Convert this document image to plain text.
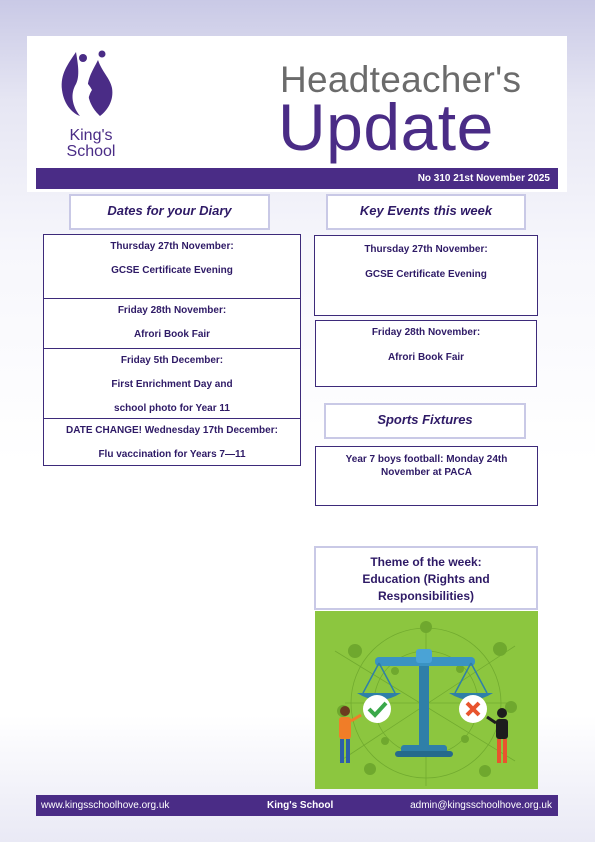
King's
School
Headteacher's
Update
No 310 21st November 2025
Dates for your Diary

Thursday 27th November:

GCSE Certificate Evening

Friday 28th November:

Afrori Book Fair

Friday 5th December:

First Enrichment Day and

school photo for Year 11

DATE CHANGE! Wednesday 17th December:

Flu vaccination for Years 7—11

Key Events this week

Thursday 27th November:

GCSE Certificate Evening

Friday 28th November:

Afrori Book Fair

Sports Fixtures

Year 7 boys football: Monday 24th

November at PACA

Theme of the week:
Education (Rights and
Responsibilities)
www.kingsschoolhove.org.uk	King's School	admin@kingsschoolhove.org.uk
